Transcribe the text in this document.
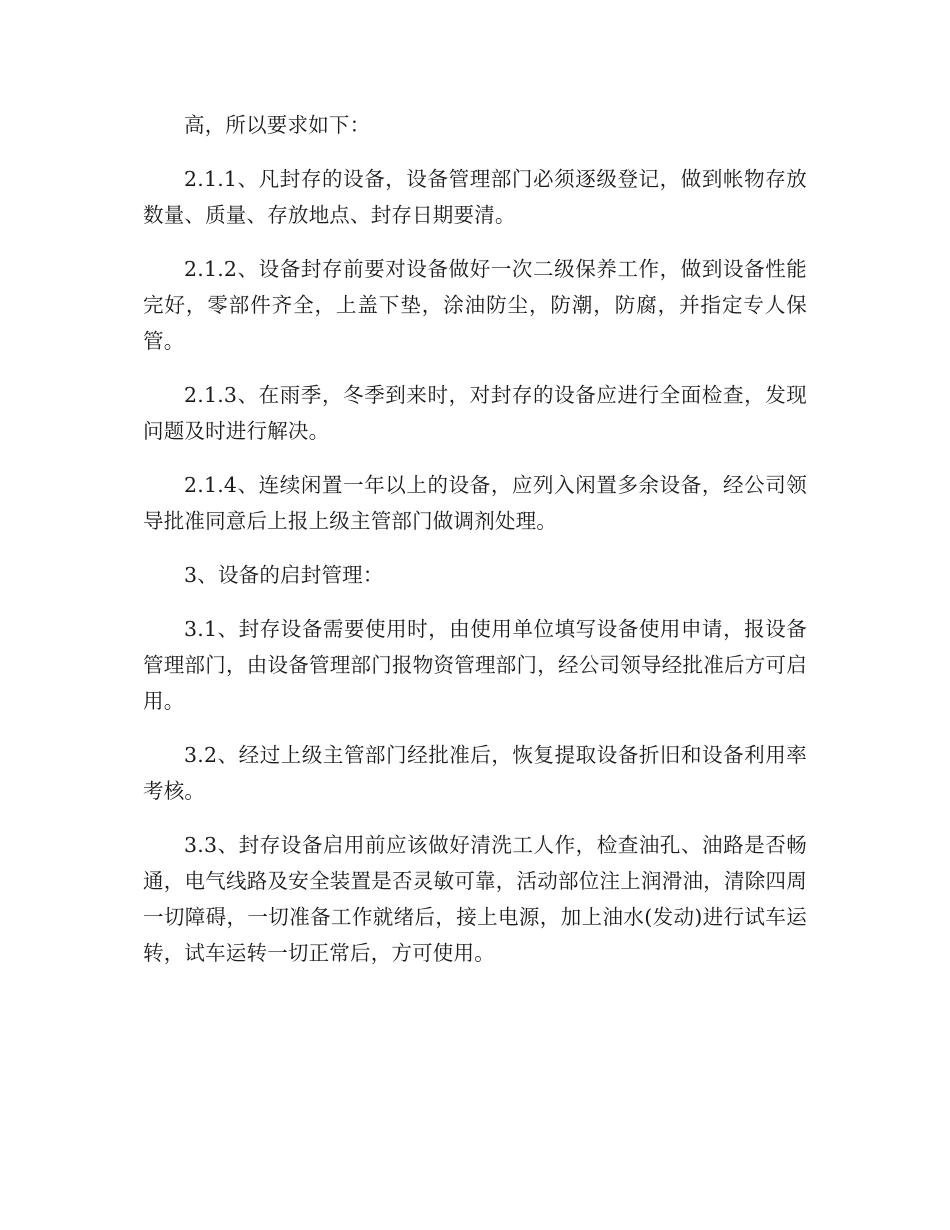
高，所以要求如下：

2.1.1、凡封存的设备，设备管理部门必须逐级登记，做到帐物存放数量、质量、存放地点、封存日期要清。

2.1.2、设备封存前要对设备做好一次二级保养工作，做到设备性能完好，零部件齐全，上盖下垫，涂油防尘，防潮，防腐，并指定专人保管。

2.1.3、在雨季，冬季到来时，对封存的设备应进行全面检查，发现问题及时进行解决。

2.1.4、连续闲置一年以上的设备，应列入闲置多余设备，经公司领导批准同意后上报上级主管部门做调剂处理。

3、设备的启封管理：

3.1、封存设备需要使用时，由使用单位填写设备使用申请，报设备管理部门，由设备管理部门报物资管理部门，经公司领导经批准后方可启用。

3.2、经过上级主管部门经批准后，恢复提取设备折旧和设备利用率考核。

3.3、封存设备启用前应该做好清洗工人作，检查油孔、油路是否畅通，电气线路及安全装置是否灵敏可靠，活动部位注上润滑油，清除四周一切障碍，一切准备工作就绪后，接上电源，加上油水(发动)进行试车运转，试车运转一切正常后，方可使用。
